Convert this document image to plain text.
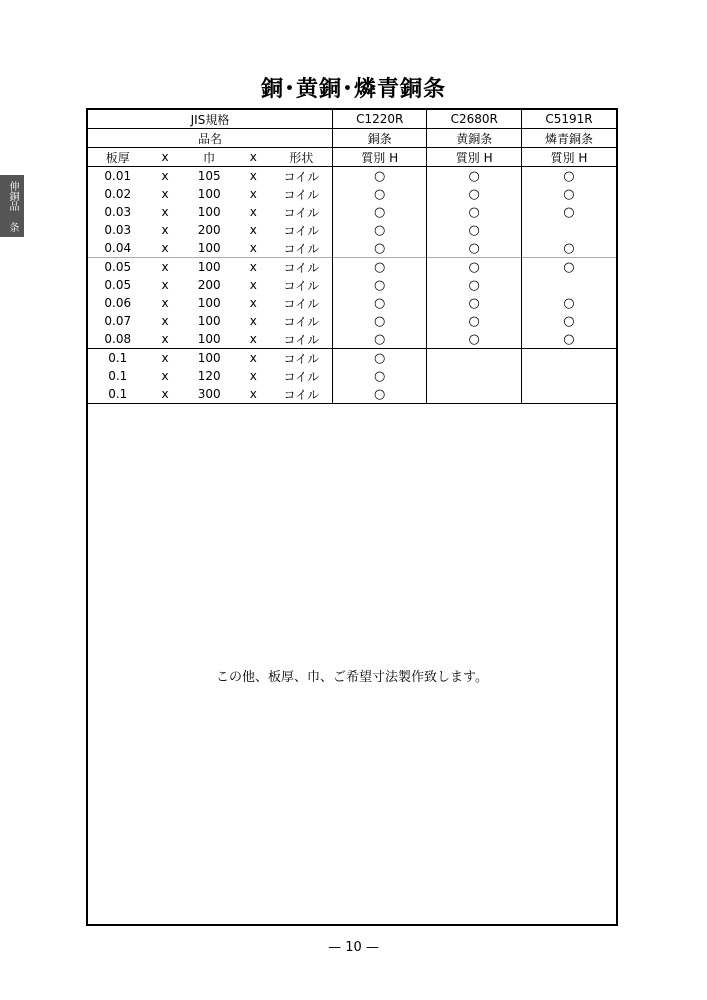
銅･黄銅･燐青銅条
伸銅品 条
JIS規格					C1220R	C2680R	C5191R
品名					銅条	黄銅条	燐青銅条
板厚	x	巾	x	形状	質別 H	質別 H	質別 H
0.01	x	105	x	コイル	○	○	○
0.02	x	100	x	コイル	○	○	○
0.03	x	100	x	コイル	○	○	○
0.03	x	200	x	コイル	○	○	
0.04	x	100	x	コイル	○	○	○
0.05	x	100	x	コイル	○	○	○
0.05	x	200	x	コイル	○	○	
0.06	x	100	x	コイル	○	○	○
0.07	x	100	x	コイル	○	○	○
0.08	x	100	x	コイル	○	○	○
0.1	x	100	x	コイル	○		
0.1	x	120	x	コイル	○		
0.1	x	300	x	コイル	○		
この他、板厚、巾、ご希望寸法製作致します。
— 10 —
